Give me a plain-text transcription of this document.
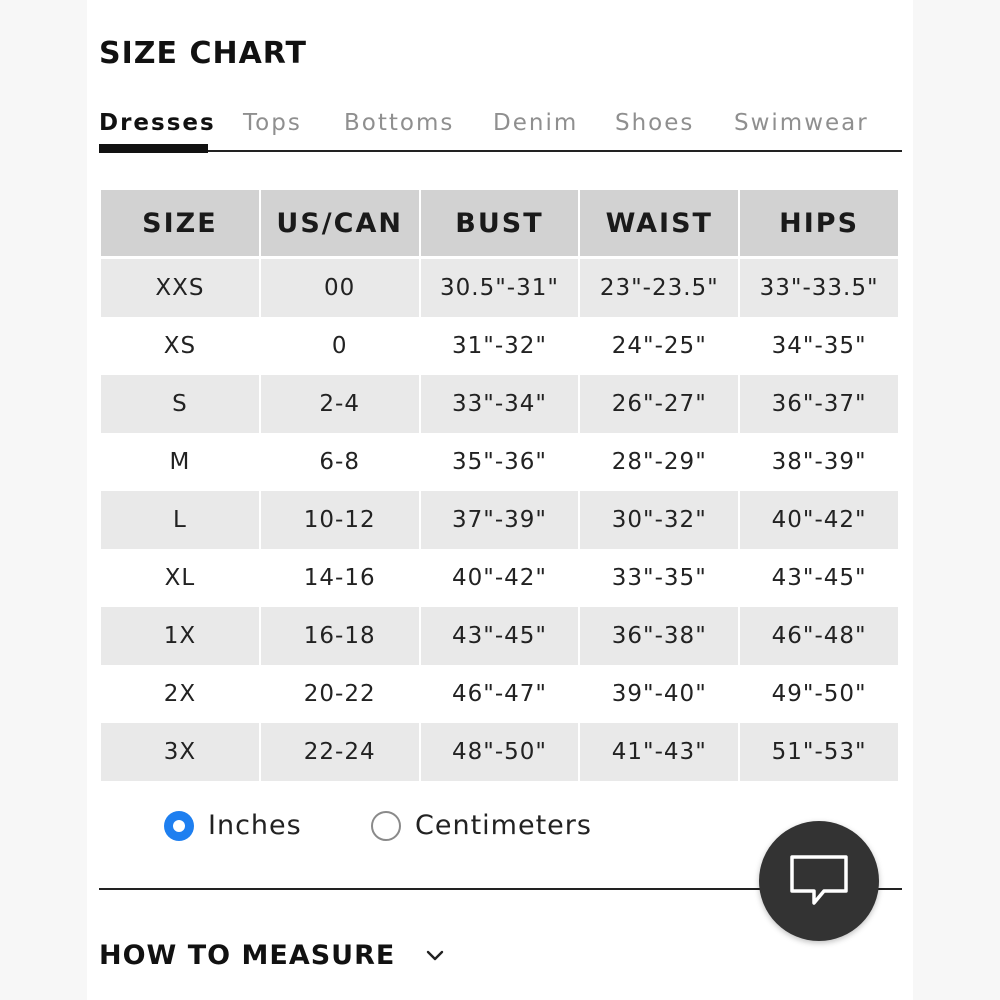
SIZE CHART
Dresses Tops Bottoms Denim Shoes Swimwear
SIZE	US/CAN	BUST	WAIST	HIPS
XXS	00	30.5"-31"	23"-23.5"	33"-33.5"
XS	0	31"-32"	24"-25"	34"-35"
S	2-4	33"-34"	26"-27"	36"-37"
M	6-8	35"-36"	28"-29"	38"-39"
L	10-12	37"-39"	30"-32"	40"-42"
XL	14-16	40"-42"	33"-35"	43"-45"
1X	16-18	43"-45"	36"-38"	46"-48"
2X	20-22	46"-47"	39"-40"	49"-50"
3X	22-24	48"-50"	41"-43"	51"-53"
Inches	Centimeters
HOW TO MEASURE
